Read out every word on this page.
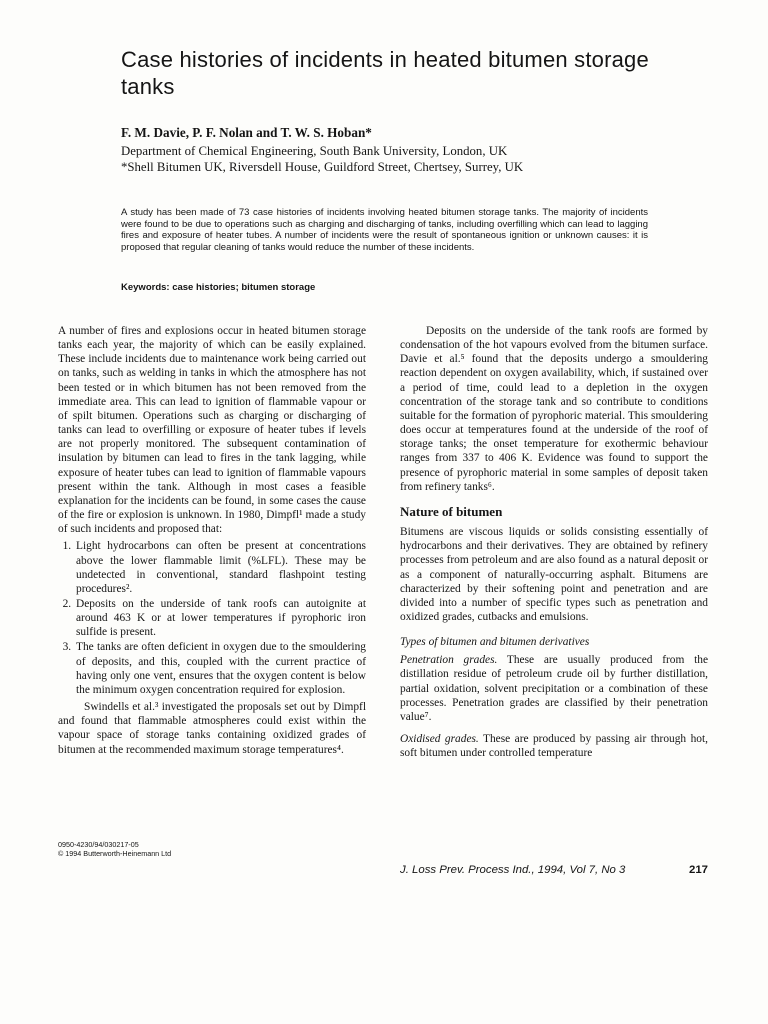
Case histories of incidents in heated bitumen storage tanks

F. M. Davie, P. F. Nolan and T. W. S. Hoban*

Department of Chemical Engineering, South Bank University, London, UK
*Shell Bitumen UK, Riversdell House, Guildford Street, Chertsey, Surrey, UK

A study has been made of 73 case histories of incidents involving heated bitumen storage tanks. The majority of incidents were found to be due to operations such as charging and discharging of tanks, including overfilling which can lead to lagging fires and exposure of heater tubes. A number of incidents were the result of spontaneous ignition or unknown causes: it is proposed that regular cleaning of tanks would reduce the number of these incidents.

Keywords: case histories; bitumen storage

A number of fires and explosions occur in heated bitumen storage tanks each year, the majority of which can be easily explained. These include incidents due to maintenance work being carried out on tanks, such as welding in tanks in which the atmosphere has not been tested or in which bitumen has not been removed from the immediate area. This can lead to ignition of flammable vapour or of spilt bitumen. Operations such as charging or discharging of tanks can lead to overfilling or exposure of heater tubes if levels are not properly monitored. The subsequent contamination of insulation by bitumen can lead to fires in the tank lagging, while exposure of heater tubes can lead to ignition of flammable vapours present within the tank. Although in most cases a feasible explanation for the incidents can be found, in some cases the cause of the fire or explosion is unknown. In 1980, Dimpfl¹ made a study of such incidents and proposed that:

1. Light hydrocarbons can often be present at concentrations above the lower flammable limit (%LFL). These may be undetected in conventional, standard flashpoint testing procedures².
2. Deposits on the underside of tank roofs can autoignite at around 463 K or at lower temperatures if pyrophoric iron sulfide is present.
3. The tanks are often deficient in oxygen due to the smouldering of deposits, and this, coupled with the current practice of having only one vent, ensures that the oxygen content is below the minimum oxygen concentration required for explosion.

Swindells et al.³ investigated the proposals set out by Dimpfl and found that flammable atmospheres could exist within the vapour space of storage tanks containing oxidized grades of bitumen at the recommended maximum storage temperatures⁴.

Deposits on the underside of the tank roofs are formed by condensation of the hot vapours evolved from the bitumen surface. Davie et al.⁵ found that the deposits undergo a smouldering reaction dependent on oxygen availability, which, if sustained over a period of time, could lead to a depletion in the oxygen concentration of the storage tank and so contribute to conditions suitable for the formation of pyrophoric material. This smouldering does occur at temperatures found at the underside of the roof of storage tanks; the onset temperature for exothermic behaviour ranges from 337 to 406 K. Evidence was found to support the presence of pyrophoric material in some samples of deposit taken from refinery tanks⁶.

Nature of bitumen

Bitumens are viscous liquids or solids consisting essentially of hydrocarbons and their derivatives. They are obtained by refinery processes from petroleum and are also found as a natural deposit or as a component of naturally-occurring asphalt. Bitumens are characterized by their softening point and penetration and are divided into a number of specific types such as penetration and oxidized grades, cutbacks and emulsions.

Types of bitumen and bitumen derivatives

Penetration grades. These are usually produced from the distillation residue of petroleum crude oil by further distillation, partial oxidation, solvent precipitation or a combination of these processes. Penetration grades are classified by their penetration value⁷.

Oxidised grades. These are produced by passing air through hot, soft bitumen under controlled temperature

0950-4230/94/030217-05
© 1994 Butterworth-Heinemann Ltd
J. Loss Prev. Process Ind., 1994, Vol 7, No 3	217
